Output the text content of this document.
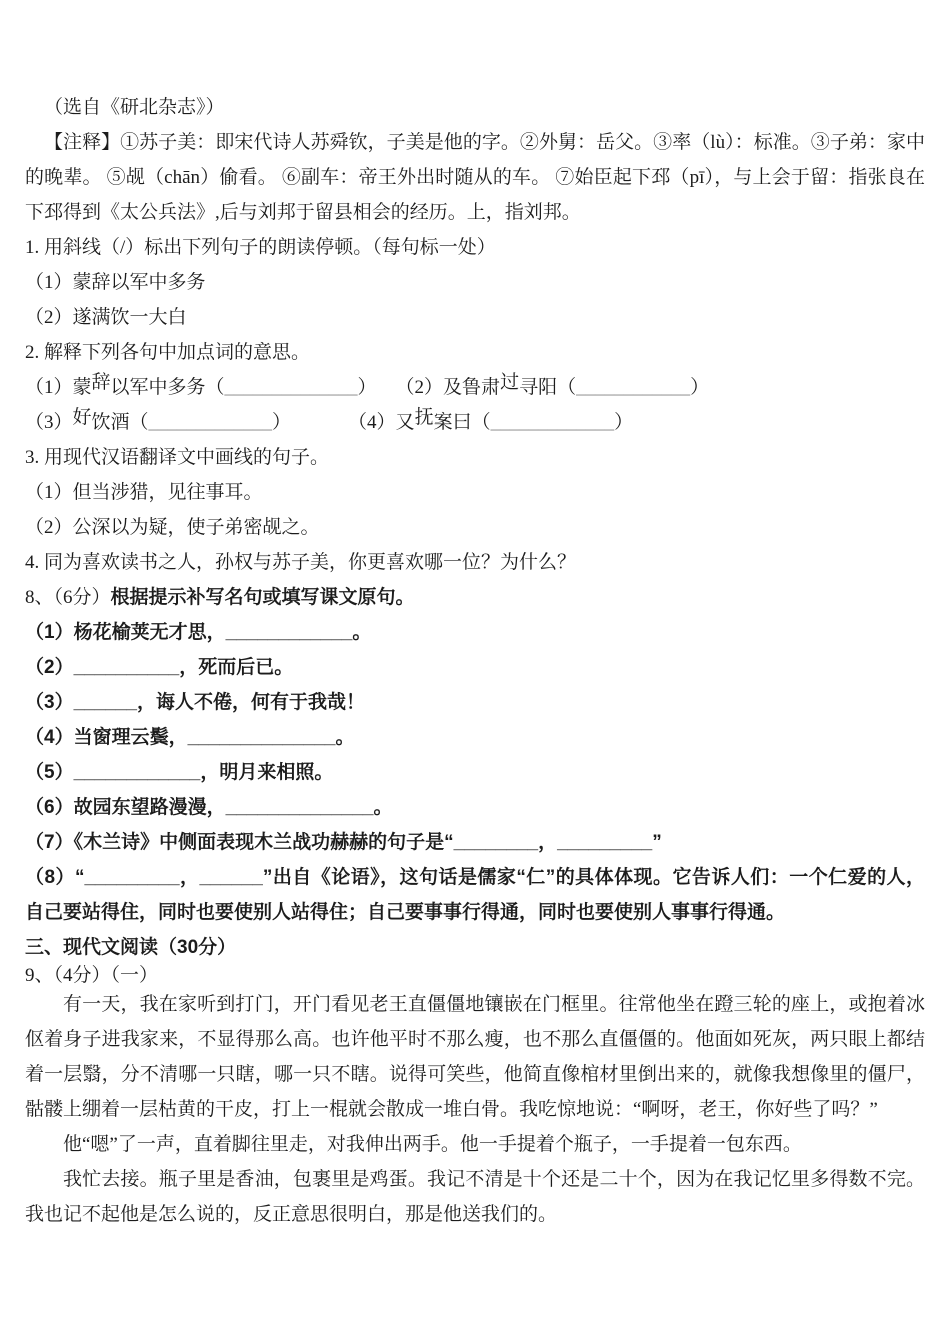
（选自《研北杂志》）

【注释】①苏子美：即宋代诗人苏舜钦，子美是他的字。②外舅：岳父。③率（lù）：标准。③子弟：家中的晚辈。 ⑤觇（chān）偷看。 ⑥副车：帝王外出时随从的车。 ⑦始臣起下邳（pī），与上会于留：指张良在下邳得到《太公兵法》,后与刘邦于留县相会的经历。上，指刘邦。

1. 用斜线（/）标出下列句子的朗读停顿。（每句标一处）

（1）蒙辞以军中多务

（2）遂满饮一大白

2. 解释下列各句中加点词的意思。

（1）蒙辞以军中多务（______________）　　（2）及鲁肃过寻阳（____________）

（3）好饮酒（_____________）　　　　（4）又抚案曰（_____________）

3. 用现代汉语翻译文中画线的句子。

（1）但当涉猎，见往事耳。

（2）公深以为疑，使子弟密觇之。

4. 同为喜欢读书之人，孙权与苏子美，你更喜欢哪一位？为什么？

8、（6分）根据提示补写名句或填写课文原句。

（1）杨花榆荚无才思，____________。

（2）__________，死而后已。

（3）______，诲人不倦，何有于我哉！

（4）当窗理云鬓，______________。

（5）____________，明月来相照。

（6）故园东望路漫漫，______________。

（7）《木兰诗》中侧面表现木兰战功赫赫的句子是“________，_________”

（8）“_________，______”出自《论语》，这句话是儒家“仁”的具体体现。它告诉人们：一个仁爱的人，自己要站得住，同时也要使别人站得住；自己要事事行得通，同时也要使别人事事行得通。

三、现代文阅读（30分）

9、（4分）（一）

有一天，我在家听到打门，开门看见老王直僵僵地镶嵌在门框里。往常他坐在蹬三轮的座上，或抱着冰伛着身子进我家来，不显得那么高。也许他平时不那么瘦，也不那么直僵僵的。他面如死灰，两只眼上都结着一层翳，分不清哪一只瞎，哪一只不瞎。说得可笑些，他简直像棺材里倒出来的，就像我想像里的僵尸，骷髅上绷着一层枯黄的干皮，打上一棍就会散成一堆白骨。我吃惊地说：“啊呀，老王，你好些了吗？”

他“嗯”了一声，直着脚往里走，对我伸出两手。他一手提着个瓶子，一手提着一包东西。

我忙去接。瓶子里是香油，包裹里是鸡蛋。我记不清是十个还是二十个，因为在我记忆里多得数不完。我也记不起他是怎么说的，反正意思很明白，那是他送我们的。
